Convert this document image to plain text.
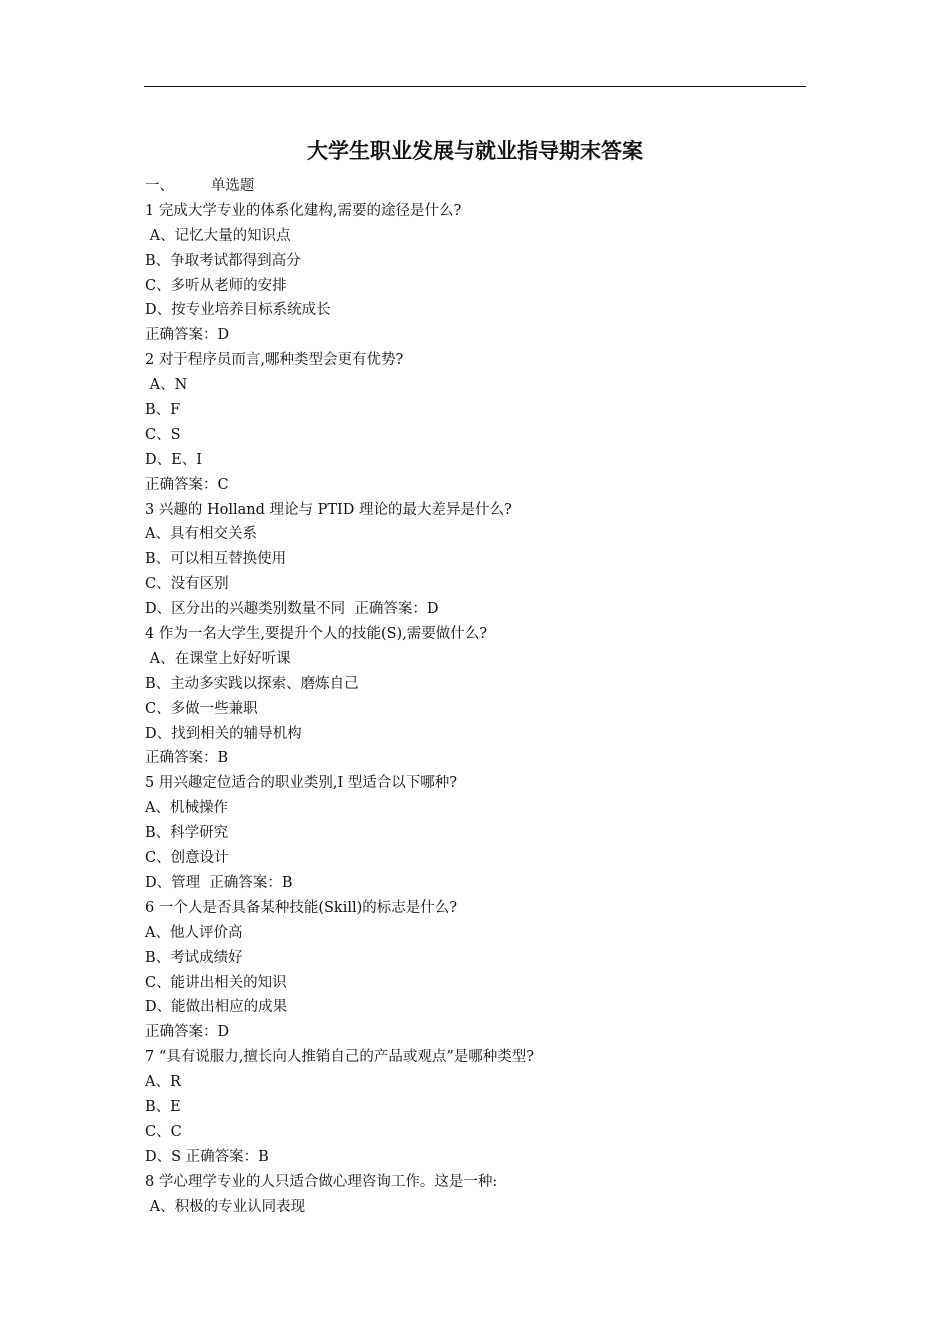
大学生职业发展与就业指导期末答案
一、        单选题
1 完成大学专业的体系化建构,需要的途径是什么?
A、记忆大量的知识点
B、争取考试都得到高分
C、多听从老师的安排
D、按专业培养目标系统成长
正确答案：D
2 对于程序员而言,哪种类型会更有优势?
A、N
B、F
C、S
D、E、I
正确答案：C
3 兴趣的 Holland 理论与 PTID 理论的最大差异是什么?
A、具有相交关系
B、可以相互替换使用
C、没有区别
D、区分出的兴趣类别数量不同  正确答案：D
4 作为一名大学生,要提升个人的技能(S),需要做什么?
A、在课堂上好好听课
B、主动多实践以探索、磨炼自己
C、多做一些兼职
D、找到相关的辅导机构
正确答案：B
5 用兴趣定位适合的职业类别,I 型适合以下哪种?
A、机械操作
B、科学研究
C、创意设计
D、管理  正确答案：B
6 一个人是否具备某种技能(Skill)的标志是什么?
A、他人评价高
B、考试成绩好
C、能讲出相关的知识
D、能做出相应的成果
正确答案：D
7 “具有说服力,擅长向人推销自己的产品或观点”是哪种类型?
A、R
B、E
C、C
D、S 正确答案：B
8 学心理学专业的人只适合做心理咨询工作。这是一种:
A、积极的专业认同表现
